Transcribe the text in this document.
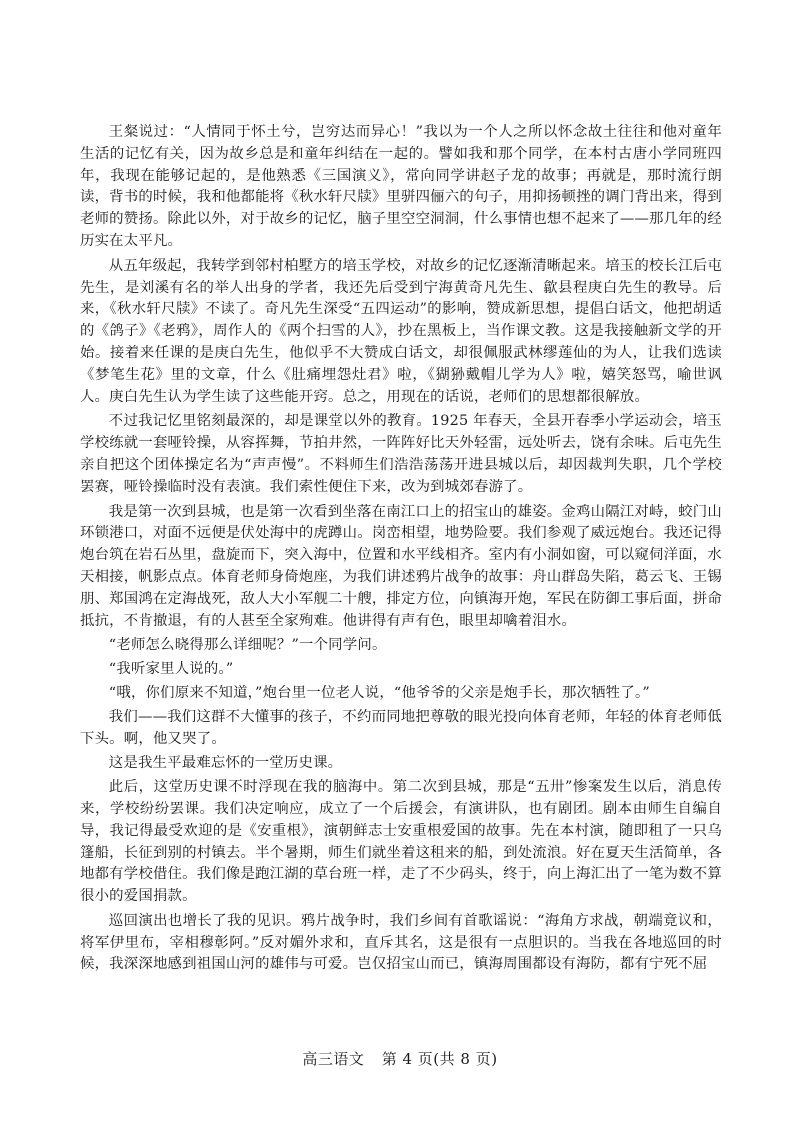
王粲说过：“人情同于怀土兮，岂穷达而异心！”我以为一个人之所以怀念故土往往和他对童年生活的记忆有关，因为故乡总是和童年纠结在一起的。譬如我和那个同学，在本村古唐小学同班四年，我现在能够记起的，是他熟悉《三国演义》，常向同学讲赵子龙的故事；再就是，那时流行朗读，背书的时候，我和他都能将《秋水轩尺牍》里骈四俪六的句子，用抑扬顿挫的调门背出来，得到老师的赞扬。除此以外，对于故乡的记忆，脑子里空空洞洞，什么事情也想不起来了——那几年的经历实在太平凡。

从五年级起，我转学到邻村柏墅方的培玉学校，对故乡的记忆逐渐清晰起来。培玉的校长江后屯先生，是刘溪有名的举人出身的学者，我还先后受到宁海黄奇凡先生、歙县程庚白先生的教导。后来，《秋水轩尺牍》不读了。奇凡先生深受“五四运动”的影响，赞成新思想，提倡白话文，他把胡适的《鸽子》《老鸦》，周作人的《两个扫雪的人》，抄在黑板上，当作课文教。这是我接触新文学的开始。接着来任课的是庚白先生，他似乎不大赞成白话文，却很佩服武林缪莲仙的为人，让我们选读《梦笔生花》里的文章，什么《肚痛埋怨灶君》啦，《猢狲戴帽儿学为人》啦，嬉笑怒骂，喻世讽人。庚白先生认为学生读了这些能开窍。总之，用现在的话说，老师们的思想都很解放。

不过我记忆里铭刻最深的，却是课堂以外的教育。1925 年春天，全县开春季小学运动会，培玉学校练就一套哑铃操，从容挥舞，节拍井然，一阵阵好比天外轻雷，远处听去，饶有余味。后屯先生亲自把这个团体操定名为“声声慢”。不料师生们浩浩荡荡开进县城以后，却因裁判失职，几个学校罢赛，哑铃操临时没有表演。我们索性便住下来，改为到城郊春游了。

我是第一次到县城，也是第一次看到坐落在南江口上的招宝山的雄姿。金鸡山隔江对峙，蛟门山环锁港口，对面不远便是伏处海中的虎蹲山。岗峦相望，地势险要。我们参观了威远炮台。我还记得炮台筑在岩石丛里，盘旋而下，突入海中，位置和水平线相齐。室内有小洞如窗，可以窥伺洋面，水天相接，帆影点点。体育老师身倚炮座，为我们讲述鸦片战争的故事：舟山群岛失陷，葛云飞、王锡朋、郑国鸿在定海战死，敌人大小军舰二十艘，排定方位，向镇海开炮，军民在防御工事后面，拼命抵抗，不肯撤退，有的人甚至全家殉难。他讲得有声有色，眼里却噙着泪水。

“老师怎么晓得那么详细呢？”一个同学问。

“我听家里人说的。”

“哦，你们原来不知道，”炮台里一位老人说，“他爷爷的父亲是炮手长，那次牺牲了。”

我们——我们这群不大懂事的孩子，不约而同地把尊敬的眼光投向体育老师，年轻的体育老师低下头。啊，他又哭了。

这是我生平最难忘怀的一堂历史课。

此后，这堂历史课不时浮现在我的脑海中。第二次到县城，那是“五卅”惨案发生以后，消息传来，学校纷纷罢课。我们决定响应，成立了一个后援会，有演讲队，也有剧团。剧本由师生自编自导，我记得最受欢迎的是《安重根》，演朝鲜志士安重根爱国的故事。先在本村演，随即租了一只乌篷船，长征到别的村镇去。半个暑期，师生们就坐着这租来的船，到处流浪。好在夏天生活简单，各地都有学校借住。我们像是跑江湖的草台班一样，走了不少码头，终于，向上海汇出了一笔为数不算很小的爱国捐款。

巡回演出也增长了我的见识。鸦片战争时，我们乡间有首歌谣说：“海角方求战，朝端竟议和，将军伊里布，宰相穆彰阿。”反对媚外求和，直斥其名，这是很有一点胆识的。当我在各地巡回的时候，我深深地感到祖国山河的雄伟与可爱。岂仅招宝山而已，镇海周围都设有海防，都有宁死不屈

高三语文 第 4 页(共 8 页)
